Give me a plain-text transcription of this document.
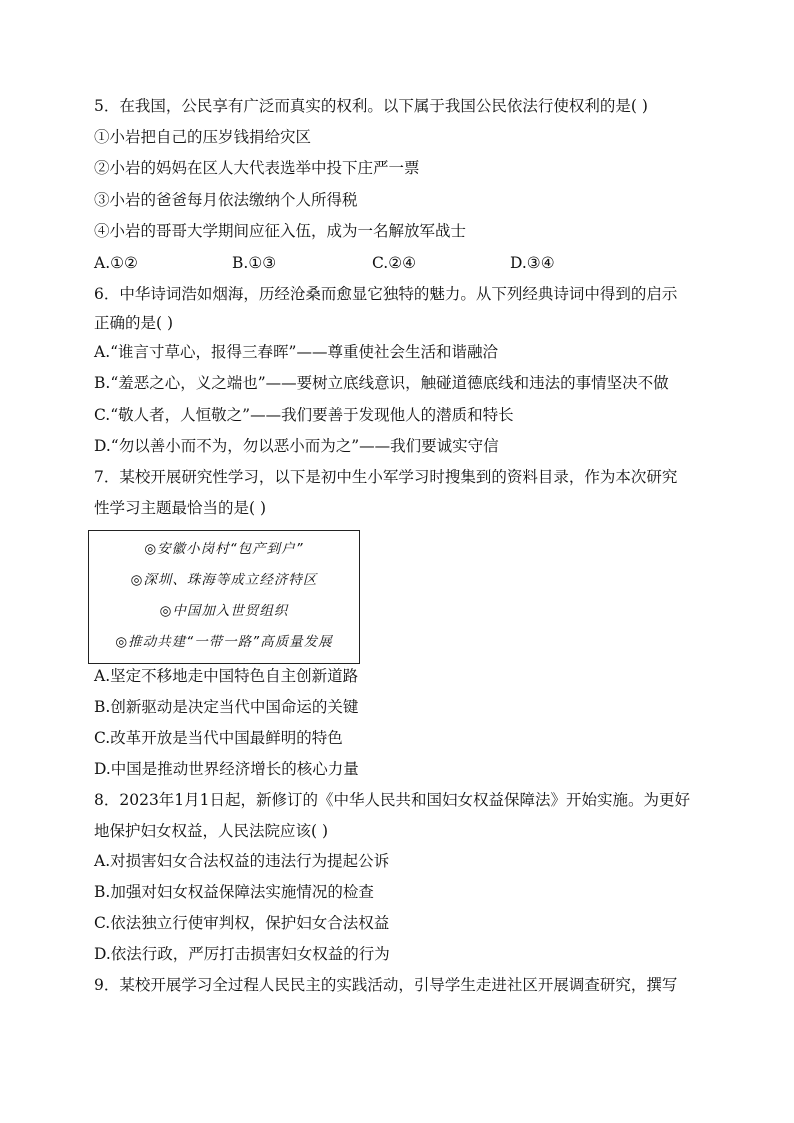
5．在我国，公民享有广泛而真实的权利。以下属于我国公民依法行使权利的是( )
①小岩把自己的压岁钱捐给灾区
②小岩的妈妈在区人大代表选举中投下庄严一票
③小岩的爸爸每月依法缴纳个人所得税
④小岩的哥哥大学期间应征入伍，成为一名解放军战士
A.①②	B.①③	C.②④	D.③④
6．中华诗词浩如烟海，历经沧桑而愈显它独特的魅力。从下列经典诗词中得到的启示
正确的是( )
A.“谁言寸草心，报得三春晖”——尊重使社会生活和谐融洽
B.“羞恶之心，义之端也”——要树立底线意识，触碰道德底线和违法的事情坚决不做
C.“敬人者，人恒敬之”——我们要善于发现他人的潜质和特长
D.“勿以善小而不为，勿以恶小而为之”——我们要诚实守信
7．某校开展研究性学习，以下是初中生小军学习时搜集到的资料目录，作为本次研究
性学习主题最恰当的是( )
◎安徽小岗村“包产到户”
◎深圳、珠海等成立经济特区
◎中国加入世贸组织
◎推动共建“一带一路”高质量发展
A.坚定不移地走中国特色自主创新道路
B.创新驱动是决定当代中国命运的关键
C.改革开放是当代中国最鲜明的特色
D.中国是推动世界经济增长的核心力量
8．2023年1月1日起，新修订的《中华人民共和国妇女权益保障法》开始实施。为更好
地保护妇女权益，人民法院应该( )
A.对损害妇女合法权益的违法行为提起公诉
B.加强对妇女权益保障法实施情况的检查
C.依法独立行使审判权，保护妇女合法权益
D.依法行政，严厉打击损害妇女权益的行为
9．某校开展学习全过程人民民主的实践活动，引导学生走进社区开展调查研究，撰写
